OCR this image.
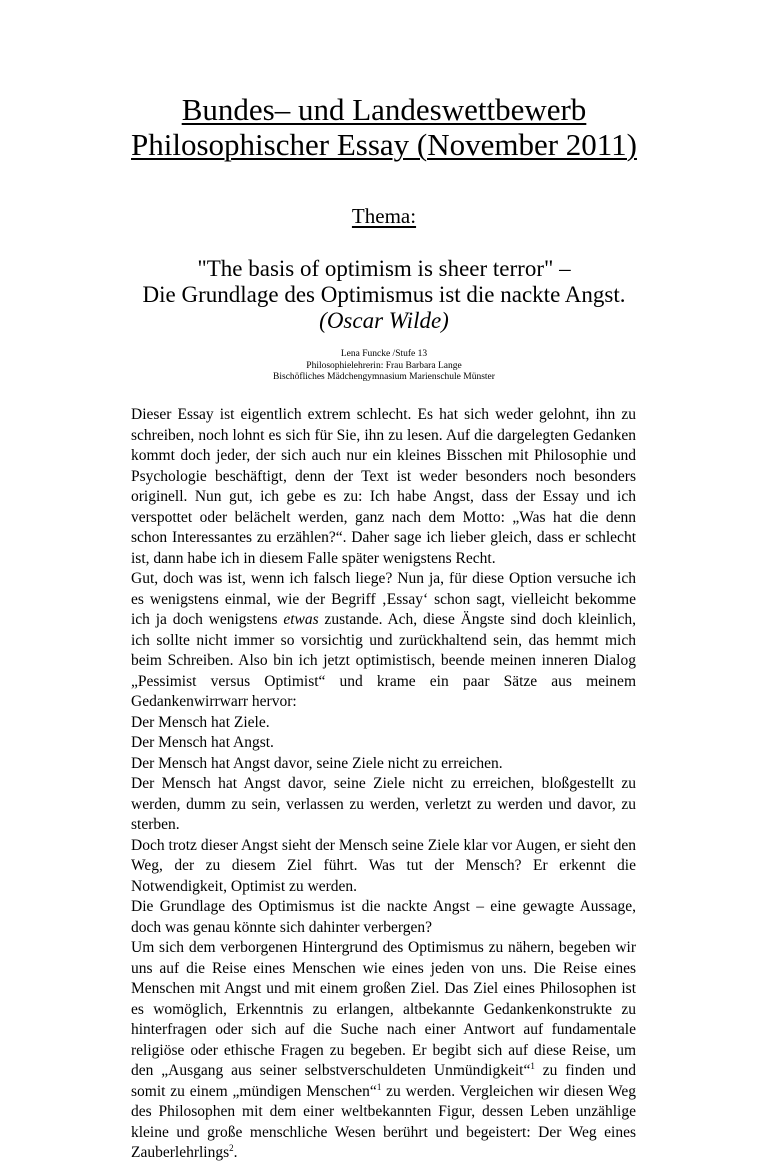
Bundes– und Landeswettbewerb
Philosophischer Essay (November 2011)
Thema:
"The basis of optimism is sheer terror" –
Die Grundlage des Optimismus ist die nackte Angst.
(Oscar Wilde)
Lena Funcke /Stufe 13
Philosophielehrerin: Frau Barbara Lange
Bischöfliches Mädchengymnasium Marienschule Münster

Dieser Essay ist eigentlich extrem schlecht. Es hat sich weder gelohnt, ihn zu schreiben, noch lohnt es sich für Sie, ihn zu lesen. Auf die dargelegten Gedanken kommt doch jeder, der sich auch nur ein kleines Bisschen mit Philosophie und Psychologie beschäftigt, denn der Text ist weder besonders noch besonders originell. Nun gut, ich gebe es zu: Ich habe Angst, dass der Essay und ich verspottet oder belächelt werden, ganz nach dem Motto: „Was hat die denn schon Interessantes zu erzählen?“. Daher sage ich lieber gleich, dass er schlecht ist, dann habe ich in diesem Falle später wenigstens Recht.

Gut, doch was ist, wenn ich falsch liege? Nun ja, für diese Option versuche ich es wenigstens einmal, wie der Begriff ‚Essay‘ schon sagt, vielleicht bekomme ich ja doch wenigstens etwas zustande. Ach, diese Ängste sind doch kleinlich, ich sollte nicht immer so vorsichtig und zurückhaltend sein, das hemmt mich beim Schreiben. Also bin ich jetzt optimistisch, beende meinen inneren Dialog „Pessimist versus Optimist“ und krame ein paar Sätze aus meinem Gedankenwirrwarr hervor:

Der Mensch hat Ziele.

Der Mensch hat Angst.

Der Mensch hat Angst davor, seine Ziele nicht zu erreichen.

Der Mensch hat Angst davor, seine Ziele nicht zu erreichen, bloßgestellt zu werden, dumm zu sein, verlassen zu werden, verletzt zu werden und davor, zu sterben.

Doch trotz dieser Angst sieht der Mensch seine Ziele klar vor Augen, er sieht den Weg, der zu diesem Ziel führt. Was tut der Mensch? Er erkennt die Notwendigkeit, Optimist zu werden.

Die Grundlage des Optimismus ist die nackte Angst – eine gewagte Aussage, doch was genau könnte sich dahinter verbergen?

Um sich dem verborgenen Hintergrund des Optimismus zu nähern, begeben wir uns auf die Reise eines Menschen wie eines jeden von uns. Die Reise eines Menschen mit Angst und mit einem großen Ziel. Das Ziel eines Philosophen ist es womöglich, Erkenntnis zu erlangen, altbekannte Gedankenkonstrukte zu hinterfragen oder sich auf die Suche nach einer Antwort auf fundamentale religiöse oder ethische Fragen zu begeben. Er begibt sich auf diese Reise, um den „Ausgang aus seiner selbstverschuldeten Unmündigkeit“$^1$ zu finden und somit zu einem „mündigen Menschen“$^1$ zu werden. Vergleichen wir diesen Weg des Philosophen mit dem einer weltbekannten Figur, dessen Leben unzählige kleine und große menschliche Wesen berührt und begeistert: Der Weg eines Zauberlehrlings$^2$.
